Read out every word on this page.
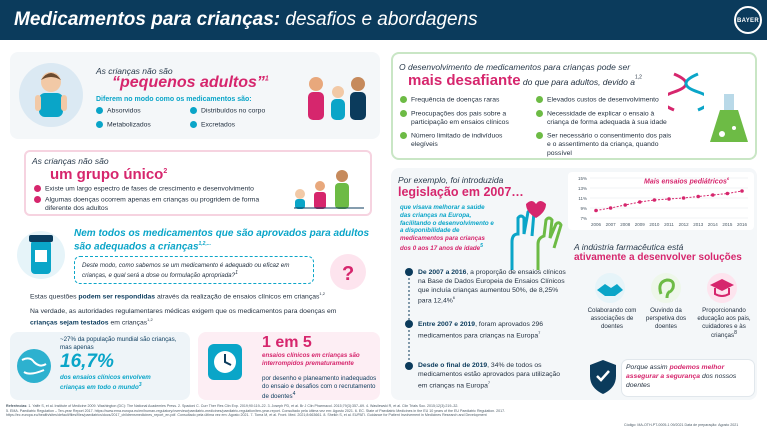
Medicamentos para crianças: desafios e abordagens	BAYER
As crianças não são
“pequenos adultos”$^1$
Diferem no modo como os medicamentos são:
Absorvidos	Distribuídos no corpo
Metabolizados	Excretados
As crianças não são
um grupo único$^2$
Existe um largo espectro de fases de crescimento e desenvolvimento
Algumas doenças ocorrem apenas em crianças ou progridem de forma diferente dos adultos
Nem todos os medicamentos que são aprovados para adultos são adequados a crianças$^{1,2,...}$
Deste modo, como sabemos se um medicamento é adequado ou eficaz em crianças, e qual será a dose ou formulação apropriada?$^1$	?
Estas questões podem ser respondidas através da realização de ensaios clínicos em crianças$^{1,2}$
Na verdade, as autoridades regulamentares médicas exigem que os medicamentos para doenças em crianças sejam testados em crianças$^{1,2}$
~27% da população mundial são crianças, mas apenas
16,7%
dos ensaios clínicos envolvem crianças em todo o mundo$^3$
1 em 5
ensaios clínicos em crianças são interrompidos prematuramente
por desenho e planeamento inadequados do ensaio e desafios com o recrutamento de doentes$^4$
O desenvolvimento de medicamentos para crianças pode ser
mais desafiante do que para adultos, devido $a^{1,2}$
Frequência de doenças raras
Preocupações dos pais sobre a participação em ensaios clínicos
Número limitado de indivíduos elegíveis
Elevados custos de desenvolvimento
Necessidade de explicar o ensaio à criança de forma adequada à sua idade
Ser necessário o consentimento dos pais e o assentimento da criança, quando possível
Por exemplo, foi introduzida
legislação em 2007…
que visava melhorar a saúde das crianças na Europa, facilitando o desenvolvimento e a disponibilidade de medicamentos para crianças dos 0 aos 17 anos de idade$^5$
15%
13%
11%
9%
7%
2006 2007 2008 2009 2010 2011 2012 2013 2014 2015 2016
Mais ensaios pediátricos$^6$
De 2007 a 2016, a proporção de ensaios clínicos na Base de Dados Europeia de Ensaios Clínicos que incluía crianças aumentou 50%, de 8,25% para 12,4%$^6$
Entre 2007 e 2019, foram aprovados 296 medicamentos para crianças na Europa$^7$
Desde o final de 2019, 34% de todos os medicamentos estão aprovados para utilização em crianças na Europa$^7$
A indústria farmacêutica está
ativamente a desenvolver soluções
Colaborando com associações de doentes
Ouvindo da perspetiva dos doentes
Proporcionando educação aos pais, cuidadores e às crianças$^8$
Porque assim podemos melhor assegurar a segurança dos nossos doentes
Referências: 1. Yaffe S, et al. Institute of Medicine 2009. Washington (DC): The National Academies Press. 2. Spadoni C. Curr Ther Res Clin Exp. 2019;90:119–22. 3. Joseph PD, et al. Br J Clin Pharmacol. 2015;79(3):357–69. 4. Wasilewski R, et al. Clin Trials Soc. 2015;12(3):219–32.
5. EMA. Paediatric Regulation – Ten-year Report 2017. https://www.ema.europa.eu/en/human-regulatory/overview/paediatric-medicines/paediatric-regulation/ten-year-report. Consultado pela última vez em: Agosto 2021. 6. EC. State of Paediatric Medicines in the EU 10 years of the EU Paediatric Regulation. 2017.
https://ec.europa.eu/health/sites/default/files/files/paediatrics/docs/2017_childrensmedicines_report_en.pdf. Consultado pela última vez em: Agosto 2021. 7. Toma M, et al. Front. Med. 2021;8:663661. 8. Sheikh S, et al. EUPATI. Guidance for Patient Involvement in Medicines Research and Development
Código: MA-OTH-PT-0005-1 09/2021 Data de preparação: Agosto 2021
